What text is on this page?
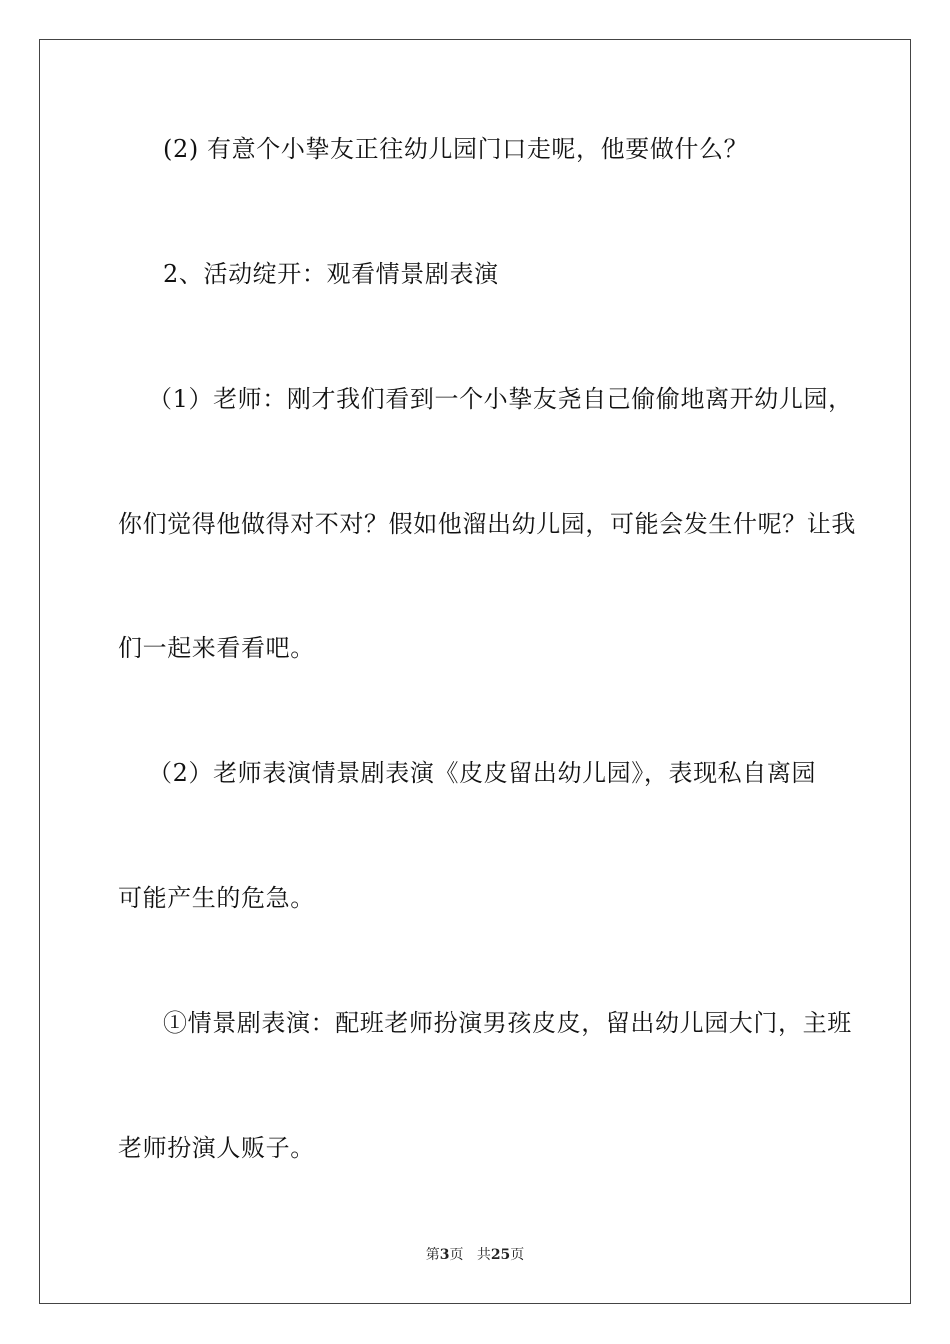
(2) 有意个小挚友正往幼儿园门口走呢，他要做什么？
2、活动绽开：观看情景剧表演
（1）老师：刚才我们看到一个小挚友尧自己偷偷地离开幼儿园，
你们觉得他做得对不对？假如他溜出幼儿园，可能会发生什呢？让我
们一起来看看吧。
（2）老师表演情景剧表演《皮皮留出幼儿园》，表现私自离园
可能产生的危急。
①情景剧表演：配班老师扮演男孩皮皮，留出幼儿园大门，主班
老师扮演人贩子。
第3页 共25页
